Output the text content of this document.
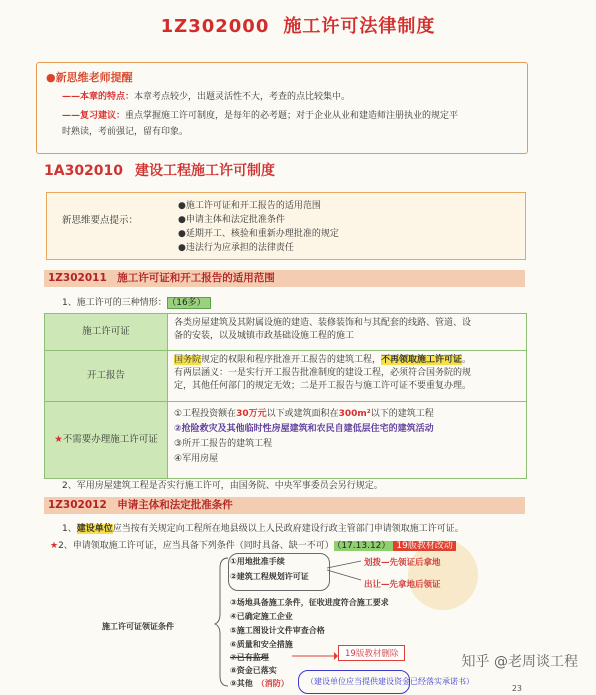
1Z302000 施工许可法律制度
●新思维老师提醒
——本章的特点：本章考点较少，出题灵活性不大，考查的点比较集中。
——复习建议：重点掌握施工许可制度，是每年的必考题；对于企业从业和建造师注册执业的规定平
时熟读，考前强记，留有印象。
1A302010 建设工程施工许可制度
新思维要点提示：
●施工许可证和开工报告的适用范围
●申请主体和法定批准条件
●延期开工、核验和重新办理批准的规定
●违法行为应承担的法律责任
1Z302011　施工许可证和开工报告的适用范围
1、施工许可的三种情形： （16多）
施工许可证
各类房屋建筑及其附属设施的建造、装修装饰和与其配套的线路、管道、设
备的安装，以及城镇市政基础设施工程的施工
开工报告
国务院规定的权限和程序批准开工报告的建筑工程，不再领取施工许可证。
有两层涵义：一是实行开工报告批准制度的建设工程，必须符合国务院的规
定，其他任何部门的规定无效；二是开工报告与施工许可证不要重复办理。
★不需要办理施工许可证
①工程投资额在30万元以下或建筑面积在300m²以下的建筑工程
②抢险救灾及其他临时性房屋建筑和农民自建低层住宅的建筑活动
③所开工报告的建筑工程
④军用房屋
2、军用房屋建筑工程是否实行施工许可，由国务院、中央军事委员会另行规定。
1Z302012　申请主体和法定批准条件
1、建设单位应当按有关规定向工程所在地县级以上人民政府建设行政主管部门申请领取施工许可证。
★2、申请领取施工许可证，应当具备下列条件（同时具备、缺一不可） （17.13.12） 19版教材改动
①用地批准手续
②建筑工程规划许可证
划拨—先领证后拿地
出让—先拿地后领证
③场地具备施工条件，征收进度符合施工要求
④已确定施工企业
施工许可证领证条件	⑤施工图设计文件审查合格
⑥质量和安全措施
⑦已有监理	19版教材删除
⑧资金已落实
⑨其他 （消防） （建设单位应当提供建设资金已经落实承诺书）
知乎 @老周谈工程
23
